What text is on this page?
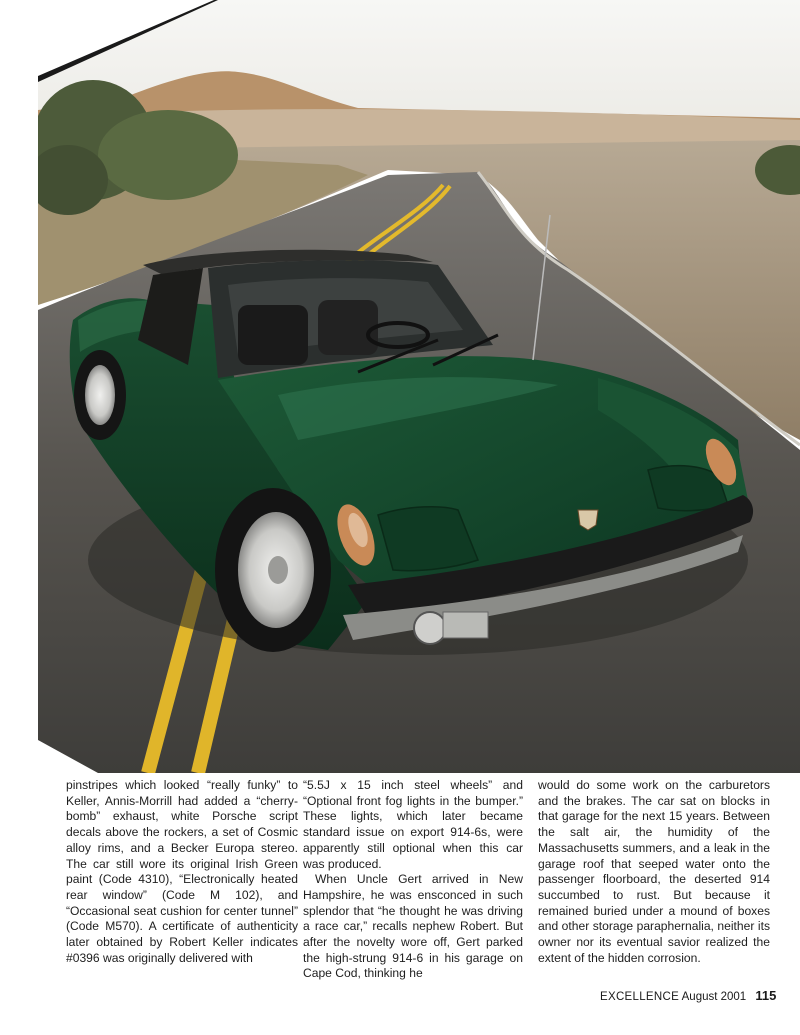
pinstripes which looked “really funky” to Keller, Annis-Morrill had added a “cherry-bomb” exhaust, white Porsche script decals above the rockers, a set of Cosmic alloy rims, and a Becker Europa stereo. The car still wore its original Irish Green paint (Code 4310), “Electronically heated rear window” (Code M 102), and “Occasional seat cushion for center tunnel” (Code M570). A certificate of authenticity later obtained by Robert Keller indicates #0396 was originally delivered with

“5.5J x 15 inch steel wheels” and “Optional front fog lights in the bumper.” These lights, which later became standard issue on export 914-6s, were apparently still optional when this car was produced.

When Uncle Gert arrived in New Hampshire, he was ensconced in such splendor that “he thought he was driving a race car,” recalls nephew Robert. But after the novelty wore off, Gert parked the high-strung 914-6 in his garage on Cape Cod, thinking he

would do some work on the carburetors and the brakes. The car sat on blocks in that garage for the next 15 years. Between the salt air, the humidity of the Massachusetts summers, and a leak in the garage roof that seeped water onto the passenger floorboard, the deserted 914 succumbed to rust. But because it remained buried under a mound of boxes and other storage paraphernalia, neither its owner nor its eventual savior realized the extent of the hidden corrosion.

EXCELLENCE August 2001 115
